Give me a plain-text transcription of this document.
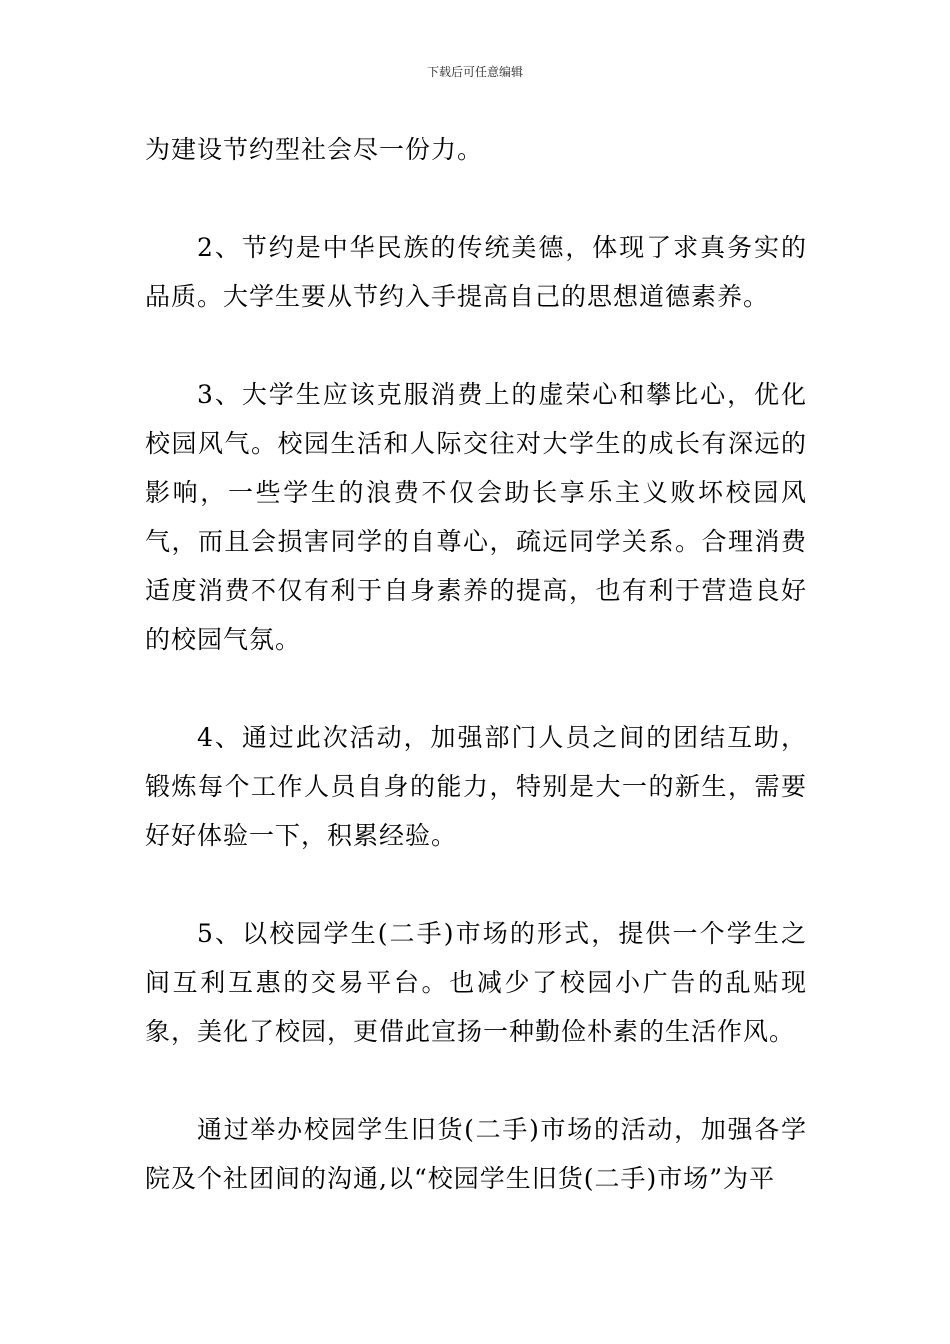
下载后可任意编辑

为建设节约型社会尽一份力。

2、节约是中华民族的传统美德，体现了求真务实的品质。大学生要从节约入手提高自己的思想道德素养。

3、大学生应该克服消费上的虚荣心和攀比心，优化校园风气。校园生活和人际交往对大学生的成长有深远的影响，一些学生的浪费不仅会助长享乐主义败坏校园风气，而且会损害同学的自尊心，疏远同学关系。合理消费适度消费不仅有利于自身素养的提高，也有利于营造良好的校园气氛。

4、通过此次活动，加强部门人员之间的团结互助，锻炼每个工作人员自身的能力，特别是大一的新生，需要好好体验一下，积累经验。

5、以校园学生(二手)市场的形式，提供一个学生之间互利互惠的交易平台。也减少了校园小广告的乱贴现象，美化了校园，更借此宣扬一种勤俭朴素的生活作风。

通过举办校园学生旧货(二手)市场的活动，加强各学院及个社团间的沟通,以“校园学生旧货(二手)市场”为平
